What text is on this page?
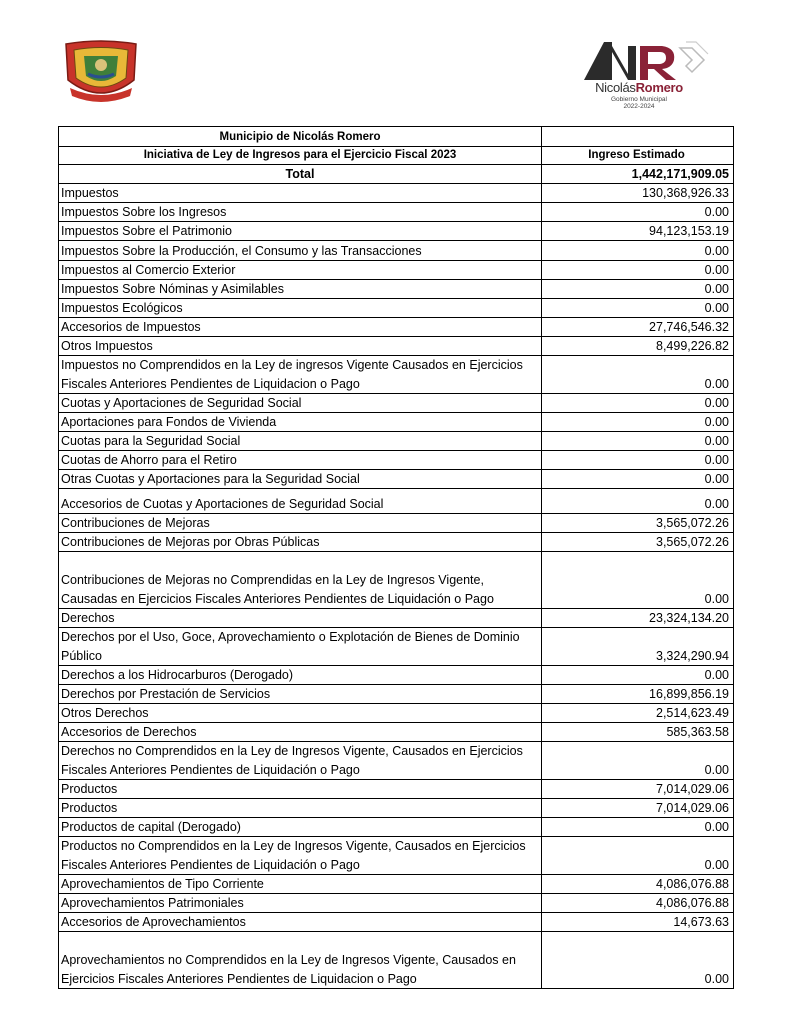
NicolásRomero
Gobierno Municipal
2022-2024
Municipio de Nicolás Romero
Iniciativa de Ley de Ingresos para el Ejercicio Fiscal 2023	Ingreso Estimado
Total	1,442,171,909.05
Impuestos	130,368,926.33
Impuestos Sobre los Ingresos	0.00
Impuestos Sobre el Patrimonio	94,123,153.19
Impuestos Sobre la Producción, el Consumo y las Transacciones	0.00
Impuestos al Comercio Exterior	0.00
Impuestos Sobre Nóminas y Asimilables	0.00
Impuestos Ecológicos	0.00
Accesorios de Impuestos	27,746,546.32
Otros Impuestos	8,499,226.82
Impuestos no Comprendidos en la Ley de ingresos Vigente Causados en Ejercicios Fiscales Anteriores Pendientes de Liquidacion o Pago	0.00
Cuotas y Aportaciones de Seguridad Social	0.00
Aportaciones para Fondos de Vivienda	0.00
Cuotas para la Seguridad Social	0.00
Cuotas de Ahorro para el Retiro	0.00
Otras Cuotas y Aportaciones para la Seguridad Social	0.00
Accesorios de Cuotas y Aportaciones de Seguridad Social	0.00
Contribuciones de Mejoras	3,565,072.26
Contribuciones de Mejoras por Obras Públicas	3,565,072.26
Contribuciones de Mejoras no Comprendidas en la Ley de Ingresos Vigente, Causadas en Ejercicios Fiscales Anteriores Pendientes de Liquidación o Pago	0.00
Derechos	23,324,134.20
Derechos por el Uso, Goce, Aprovechamiento o Explotación de Bienes de Dominio Público	3,324,290.94
Derechos a los Hidrocarburos (Derogado)	0.00
Derechos por Prestación de Servicios	16,899,856.19
Otros Derechos	2,514,623.49
Accesorios de Derechos	585,363.58
Derechos no Comprendidos en la Ley de Ingresos Vigente, Causados en Ejercicios Fiscales Anteriores Pendientes de Liquidación o Pago	0.00
Productos	7,014,029.06
Productos	7,014,029.06
Productos de capital (Derogado)	0.00
Productos no Comprendidos en la Ley de Ingresos Vigente, Causados en Ejercicios Fiscales Anteriores Pendientes de Liquidación o Pago	0.00
Aprovechamientos de Tipo Corriente	4,086,076.88
Aprovechamientos Patrimoniales	4,086,076.88
Accesorios de Aprovechamientos	14,673.63
Aprovechamientos no Comprendidos en la Ley de Ingresos Vigente, Causados en Ejercicios Fiscales Anteriores Pendientes de Liquidacion o Pago	0.00
